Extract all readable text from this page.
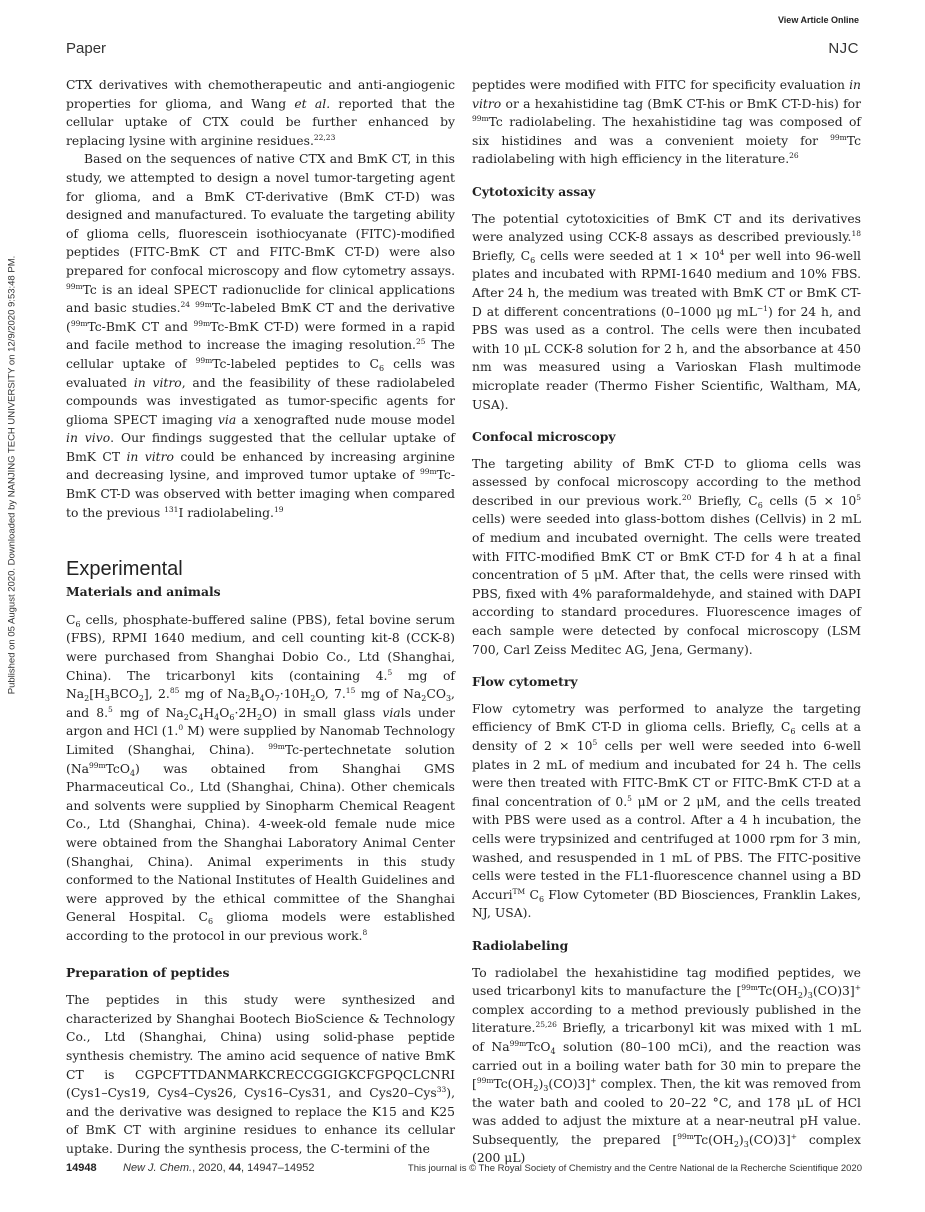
View Article Online
Paper	NJC
Published on 05 August 2020. Downloaded by NANJING TECH UNIVERSITY on 12/9/2020 9:53:48 PM.

CTX derivatives with chemotherapeutic and anti-angiogenic properties for glioma, and Wang et al. reported that the cellular uptake of CTX could be further enhanced by replacing lysine with arginine residues.$^{22,23}$

Based on the sequences of native CTX and BmK CT, in this study, we attempted to design a novel tumor-targeting agent for glioma, and a BmK CT-derivative (BmK CT-D) was designed and manufactured. To evaluate the targeting ability of glioma cells, fluorescein isothiocyanate (FITC)-modified peptides (FITC-BmK CT and FITC-BmK CT-D) were also prepared for confocal microscopy and flow cytometry assays. $^{99m}$Tc is an ideal SPECT radionuclide for clinical applications and basic studies.$^{24}$ $^{99m}$Tc-labeled BmK CT and the derivative ($^{99m}$Tc-BmK CT and $^{99m}$Tc-BmK CT-D) were formed in a rapid and facile method to increase the imaging resolution.$^{25}$ The cellular uptake of $^{99m}$Tc-labeled peptides to $C_6$ cells was evaluated in vitro, and the feasibility of these radiolabeled compounds was investigated as tumor-specific agents for glioma SPECT imaging via a xenografted nude mouse model in vivo. Our findings suggested that the cellular uptake of BmK CT in vitro could be enhanced by increasing arginine and decreasing lysine, and improved tumor uptake of $^{99m}$Tc-BmK CT-D was observed with better imaging when compared to the previous $^{131}$I radiolabeling.$^{19}$

Experimental
Materials and animals

$C_6$ cells, phosphate-buffered saline (PBS), fetal bovine serum (FBS), RPMI 1640 medium, and cell counting kit-8 (CCK-8) were purchased from Shanghai Dobio Co., Ltd (Shanghai, China). The tricarbonyl kits (containing 4.$^5$ mg of $Na_2[H_3BCO_2]$, 2.85 mg of $Na_2B_4O_7\cdot 10H_2O$, 7.15 mg of $Na_2CO_3$, and 8.$^5$ mg of $Na_2C_4H_4O_6\cdot 2H_2O$) in small glass vials under argon and HCl (1.$^0$ M) were supplied by Nanomab Technology Limited (Shanghai, China). $^{99m}$Tc-pertechnetate solution $(Na^{99m}TcO_4)$ was obtained from Shanghai GMS Pharmaceutical Co., Ltd (Shanghai, China). Other chemicals and solvents were supplied by Sinopharm Chemical Reagent Co., Ltd (Shanghai, China). 4-week-old female nude mice were obtained from the Shanghai Laboratory Animal Center (Shanghai, China). Animal experiments in this study conformed to the National Institutes of Health Guidelines and were approved by the ethical committee of the Shanghai General Hospital. $C_6$ glioma models were established according to the protocol in our previous work.$^8$

Preparation of peptides

The peptides in this study were synthesized and characterized by Shanghai Bootech BioScience & Technology Co., Ltd (Shanghai, China) using solid-phase peptide synthesis chemistry. The amino acid sequence of native BmK CT is CGPCFTTDANMARKCRECCGGIGKCFGPQCLCNRI (Cys1–Cys19, Cys4–Cys26, Cys16–Cys31, and Cys20–Cys$^{33}$), and the derivative was designed to replace the K15 and K25 of BmK CT with arginine residues to enhance its cellular uptake. During the synthesis process, the C-termini of the

peptides were modified with FITC for specificity evaluation in vitro or a hexahistidine tag (BmK CT-his or BmK CT-D-his) for $^{99m}$Tc radiolabeling. The hexahistidine tag was composed of six histidines and was a convenient moiety for $^{99m}$Tc radiolabeling with high efficiency in the literature.$^{26}$

Cytotoxicity assay

The potential cytotoxicities of BmK CT and its derivatives were analyzed using CCK-8 assays as described previously.$^{18}$ Briefly, $C_6$ cells were seeded at $1 \times 10^4$ per well into 96-well plates and incubated with RPMI-1640 medium and 10% FBS. After 24 h, the medium was treated with BmK CT or BmK CT-D at different concentrations (0–1000 μg $mL^{-1}$) for 24 h, and PBS was used as a control. The cells were then incubated with 10 μL CCK-8 solution for 2 h, and the absorbance at 450 nm was measured using a Varioskan Flash multimode microplate reader (Thermo Fisher Scientific, Waltham, MA, USA).

Confocal microscopy

The targeting ability of BmK CT-D to glioma cells was assessed by confocal microscopy according to the method described in our previous work.$^{20}$ Briefly, $C_6$ cells ($5 \times 10^5$ cells) were seeded into glass-bottom dishes (Cellvis) in 2 mL of medium and incubated overnight. The cells were treated with FITC-modified BmK CT or BmK CT-D for 4 h at a final concentration of 5 μM. After that, the cells were rinsed with PBS, fixed with 4% paraformaldehyde, and stained with DAPI according to standard procedures. Fluorescence images of each sample were detected by confocal microscopy (LSM 700, Carl Zeiss Meditec AG, Jena, Germany).

Flow cytometry

Flow cytometry was performed to analyze the targeting efficiency of BmK CT-D in glioma cells. Briefly, $C_6$ cells at a density of $2 \times 10^5$ cells per well were seeded into 6-well plates in 2 mL of medium and incubated for 24 h. The cells were then treated with FITC-BmK CT or FITC-BmK CT-D at a final concentration of 0.$^5$ μM or 2 μM, and the cells treated with PBS were used as a control. After a 4 h incubation, the cells were trypsinized and centrifuged at 1000 rpm for 3 min, washed, and resuspended in 1 mL of PBS. The FITC-positive cells were tested in the FL1-fluorescence channel using a BD Accuri™ $C_6$ Flow Cytometer (BD Biosciences, Franklin Lakes, NJ, USA).

Radiolabeling

To radiolabel the hexahistidine tag modified peptides, we used tricarbonyl kits to manufacture the $[^{99m}Tc(OH_2)_3(CO)3]^+$ complex according to a method previously published in the literature.$^{25,26}$ Briefly, a tricarbonyl kit was mixed with 1 mL of $Na^{99m}TcO_4$ solution (80–100 mCi), and the reaction was carried out in a boiling water bath for 30 min to prepare the $[^{99m}Tc(OH_2)_3(CO)3]^+$ complex. Then, the kit was removed from the water bath and cooled to 20–22 °C, and 178 μL of HCl was added to adjust the mixture at a near-neutral pH value. Subsequently, the prepared $[^{99m}Tc(OH_2)_3(CO)3]^+$ complex (200 μL)

14948 New J. Chem., 2020, 44, 14947–14952	This journal is © The Royal Society of Chemistry and the Centre National de la Recherche Scientifique 2020
